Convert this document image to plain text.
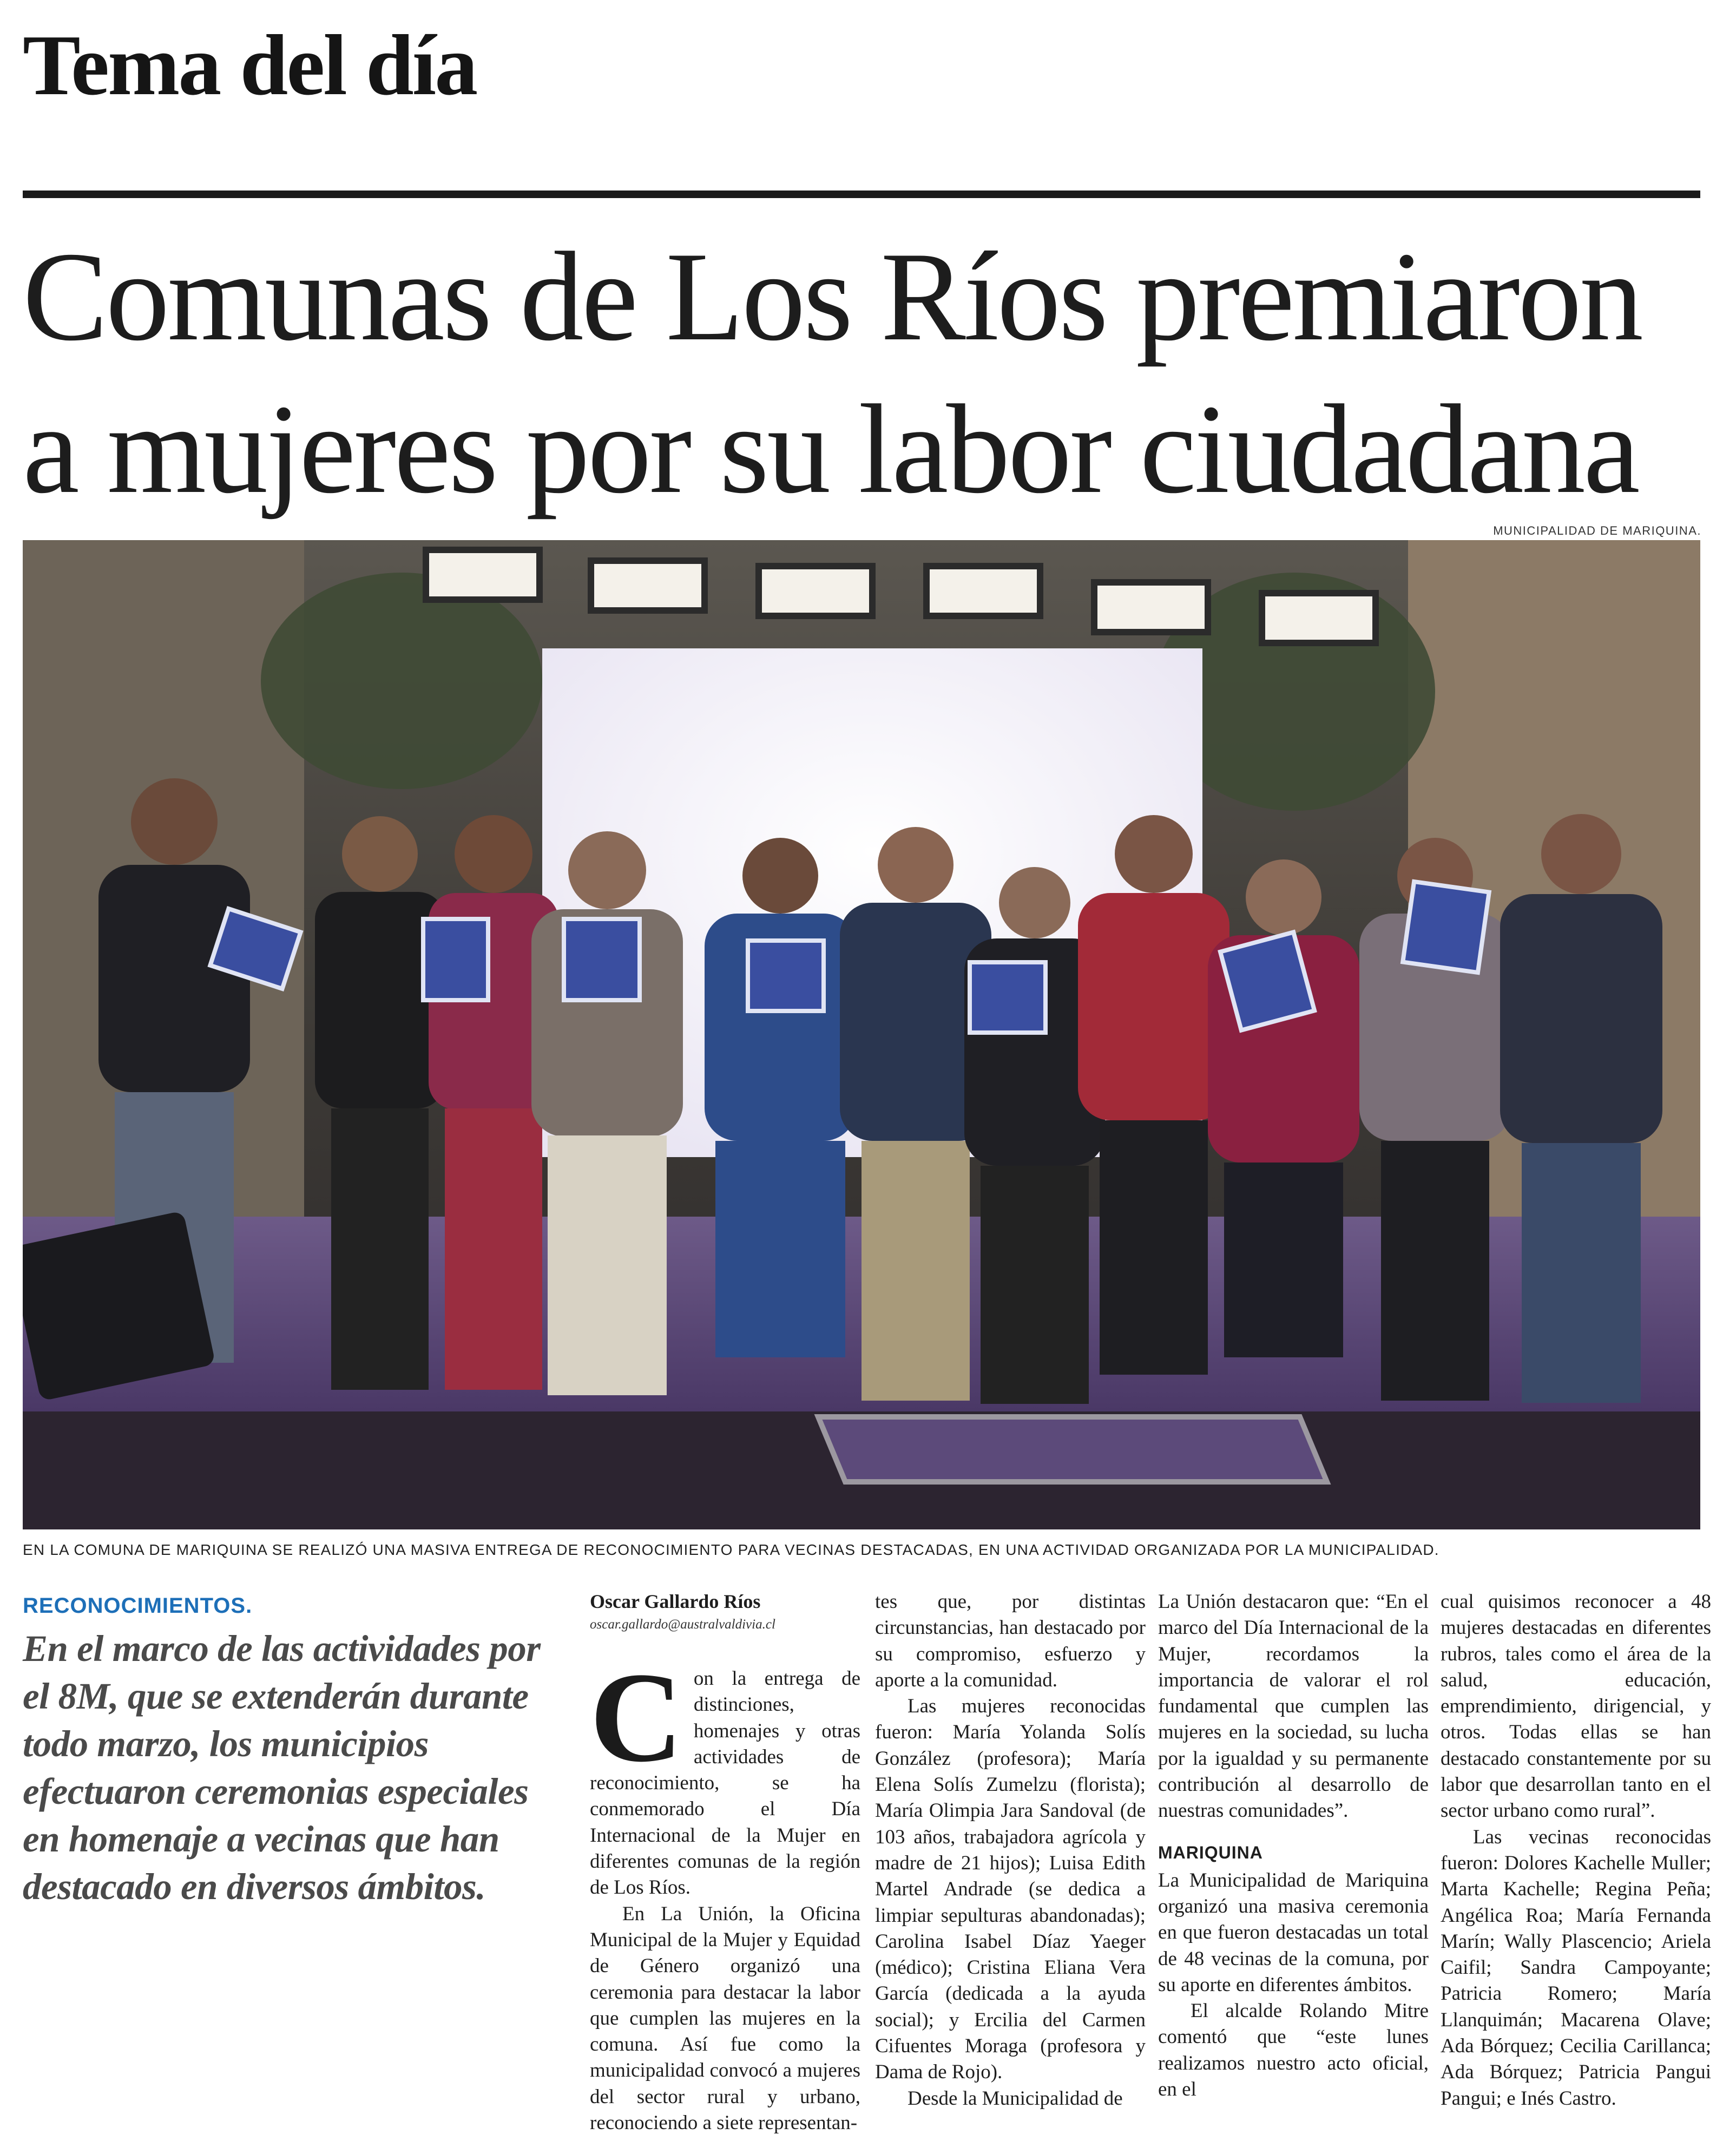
Tema del día
Comunas de Los Ríos premiaron
a mujeres por su labor ciudadana
MUNICIPALIDAD DE MARIQUINA.
EN LA COMUNA DE MARIQUINA SE REALIZÓ UNA MASIVA ENTREGA DE RECONOCIMIENTO PARA VECINAS DESTACADAS, EN UNA ACTIVIDAD ORGANIZADA POR LA MUNICIPALIDAD.
RECONOCIMIENTOS.
En el marco de las actividades por el 8M, que se extenderán durante todo marzo, los municipios efectuaron ceremonias especiales en homenaje a vecinas que han destacado en diversos ámbitos.
Oscar Gallardo Ríos
oscar.gallardo@australvaldivia.cl

Con la entrega de distinciones, homenajes y otras actividades de reconocimiento, se ha conmemorado el Día Internacional de la Mujer en diferentes comunas de la región de Los Ríos.

En La Unión, la Oficina Municipal de la Mujer y Equidad de Género organizó una ceremonia para destacar la labor que cumplen las mujeres en la comuna. Así fue como la municipalidad convocó a mujeres del sector rural y urbano, reconociendo a siete representan-

tes que, por distintas circunstancias, han destacado por su compromiso, esfuerzo y aporte a la comunidad.

Las mujeres reconocidas fueron: María Yolanda Solís González (profesora); María Elena Solís Zumelzu (florista); María Olimpia Jara Sandoval (de 103 años, trabajadora agrícola y madre de 21 hijos); Luisa Edith Martel Andrade (se dedica a limpiar sepulturas abandonadas); Carolina Isabel Díaz Yaeger (médico); Cristina Eliana Vera García (dedicada a la ayuda social); y Ercilia del Carmen Cifuentes Moraga (profesora y Dama de Rojo).

Desde la Municipalidad de

La Unión destacaron que: “En el marco del Día Internacional de la Mujer, recordamos la importancia de valorar el rol fundamental que cumplen las mujeres en la sociedad, su lucha por la igualdad y su permanente contribución al desarrollo de nuestras comunidades”.

MARIQUINA

La Municipalidad de Mariquina organizó una masiva ceremonia en que fueron destacadas un total de 48 vecinas de la comuna, por su aporte en diferentes ámbitos.

El alcalde Rolando Mitre comentó que “este lunes realizamos nuestro acto oficial, en el

cual quisimos reconocer a 48 mujeres destacadas en diferentes rubros, tales como el área de la salud, educación, emprendimiento, dirigencial, y otros. Todas ellas se han destacado constantemente por su labor que desarrollan tanto en el sector urbano como rural”.

Las vecinas reconocidas fueron: Dolores Kachelle Muller; Marta Kachelle; Regina Peña; Angélica Roa; María Fernanda Marín; Wally Plascencio; Ariela Caifil; Sandra Campoyante; Patricia Romero; María Llanquimán; Macarena Olave; Ada Bórquez; Cecilia Carillanca; Ada Bórquez; Patricia Pangui Pangui; e Inés Castro.
